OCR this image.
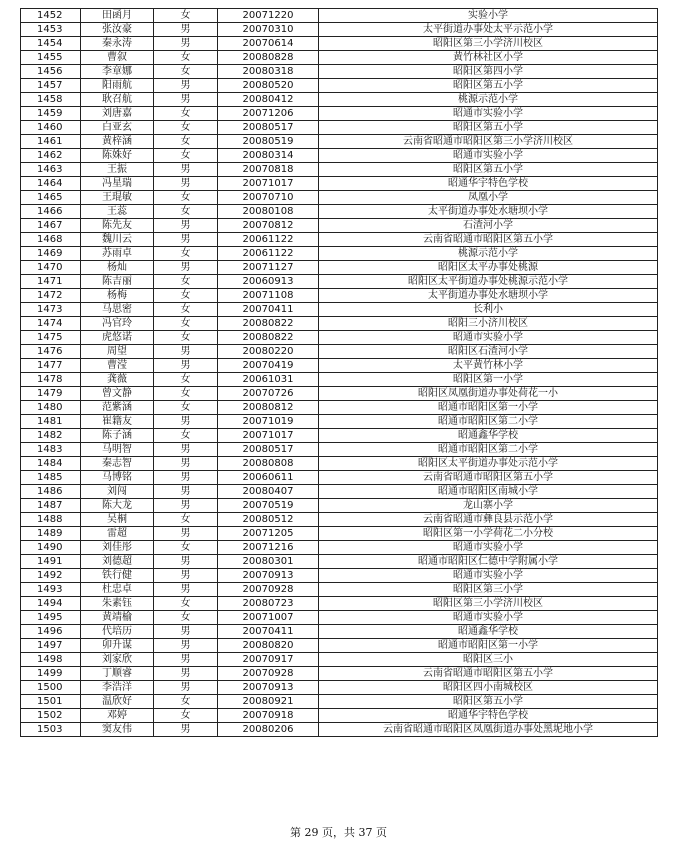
1452	田函月	女	20071220	实验小学
1453	张汝豪	男	20070310	太平街道办事处太平示范小学
1454	秦永涛	男	20070614	昭阳区第三小学济川校区
1455	曹叙	女	20080828	黄竹林社区小学
1456	李章娜	女	20080318	昭阳区第四小学
1457	阳雨航	男	20080520	昭阳区第五小学
1458	耿召航	男	20080412	桃源示范小学
1459	刘唐嘉	女	20071206	昭通市实验小学
1460	白亚玄	女	20080517	昭阳区第五小学
1461	黄梓涵	女	20080519	云南省昭通市昭阳区第三小学济川校区
1462	陈姝好	女	20080314	昭通市实验小学
1463	王振	男	20070818	昭阳区第五小学
1464	冯星瑞	男	20071017	昭通华宇特色学校
1465	王琨敏	女	20070710	凤凰小学
1466	王蕊	女	20080108	太平街道办事处水塘坝小学
1467	陈先友	男	20070812	石渣河小学
1468	魏川云	男	20061122	云南省昭通市昭阳区第五小学
1469	苏雨卓	女	20061122	桃源示范小学
1470	杨灿	男	20071127	昭阳区太平办事处桃源
1471	陈吉丽	女	20060913	昭阳区太平街道办事处桃源示范小学
1472	杨梅	女	20071108	太平街道办事处水塘坝小学
1473	马思密	女	20070411	长利小
1474	冯官玲	女	20080822	昭阳三小济川校区
1475	虎悠诺	女	20080822	昭通市实验小学
1476	周望	男	20080220	昭阳区石渣河小学
1477	曹滢	男	20070419	太平黄竹林小学
1478	龚薇	女	20061031	昭阳区第一小学
1479	曾文静	女	20070726	昭阳区凤凰街道办事处荷花一小
1480	范紫涵	女	20080812	昭通市昭阳区第一小学
1481	崔籍友	男	20071019	昭通市昭阳区第二小学
1482	陈子涵	女	20071017	昭通鑫华学校
1483	马明智	男	20080517	昭通市昭阳区第二小学
1484	秦志智	男	20080808	昭阳区太平街道办事处示范小学
1485	马博铭	男	20060611	云南省昭通市昭阳区第五小学
1486	刘闯	男	20080407	昭通市昭阳区南城小学
1487	陈大龙	男	20070519	龙山寨小学
1488	吴桐	女	20080512	云南省昭通市彝良县示范小学
1489	雷超	男	20071205	昭阳区第一小学荷花二小分校
1490	刘佳彤	女	20071216	昭通市实验小学
1491	刘德超	男	20080301	昭通市昭阳区仁德中学附属小学
1492	铁行健	男	20070913	昭通市实验小学
1493	杜忠卓	男	20070928	昭阳区第三小学
1494	朱素钰	女	20080723	昭阳区第三小学济川校区
1495	黄靖榆	女	20071007	昭通市实验小学
1496	代培历	男	20070411	昭通鑫华学校
1497	卯升谋	男	20080820	昭通市昭阳区第一小学
1498	刘家欣	男	20070917	昭阳区三小
1499	丁顺睿	男	20070928	云南省昭通市昭阳区第五小学
1500	李浩洋	男	20070913	昭阳区四小南城校区
1501	温欣好	女	20080921	昭阳区第五小学
1502	邓婷	女	20070918	昭通华宇特色学校
1503	窦友伟	男	20080206	云南省昭通市昭阳区凤凰街道办事处黑坭地小学
第 29 页，共 37 页
